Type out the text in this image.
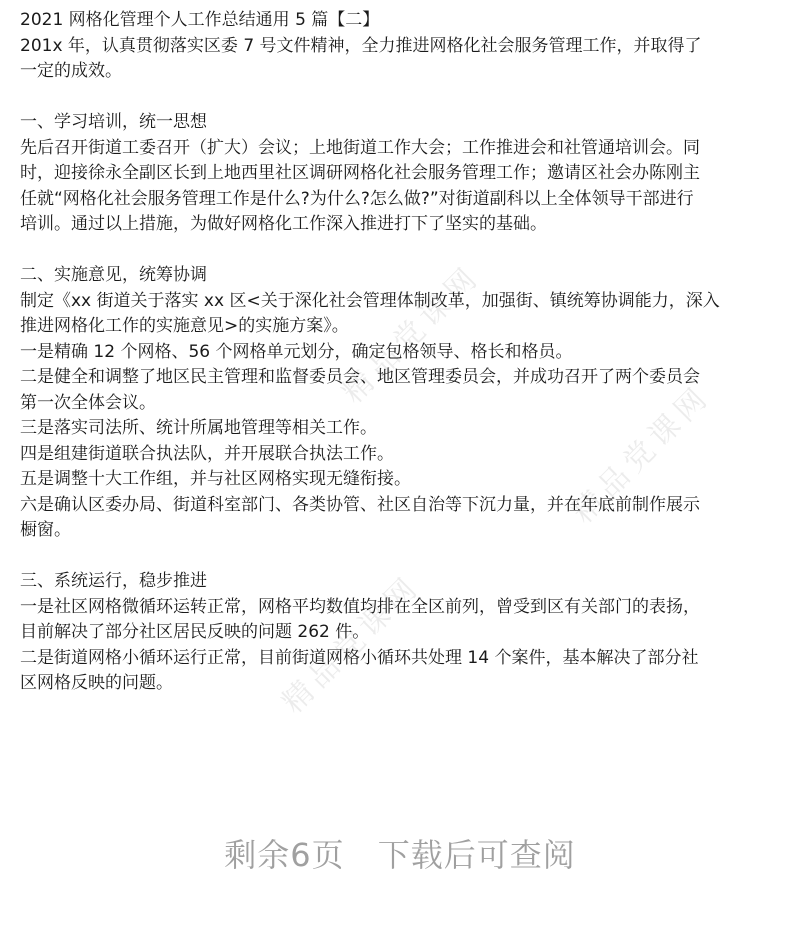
精品党课网
精品党课网
精品党课网

2021 网格化管理个人工作总结通用 5 篇【二】

201x 年，认真贯彻落实区委 7 号文件精神，全力推进网格化社会服务管理工作，并取得了

一定的成效。

一、学习培训，统一思想

先后召开街道工委召开（扩大）会议；上地街道工作大会；工作推进会和社管通培训会。同

时，迎接徐永全副区长到上地西里社区调研网格化社会服务管理工作；邀请区社会办陈刚主

任就“网格化社会服务管理工作是什么?为什么?怎么做?”对街道副科以上全体领导干部进行

培训。通过以上措施，为做好网格化工作深入推进打下了坚实的基础。

二、实施意见，统筹协调

制定《xx 街道关于落实 xx 区<关于深化社会管理体制改革，加强街、镇统筹协调能力，深入

推进网格化工作的实施意见>的实施方案》。

一是精确 12 个网格、56 个网格单元划分，确定包格领导、格长和格员。

二是健全和调整了地区民主管理和监督委员会、地区管理委员会，并成功召开了两个委员会

第一次全体会议。

三是落实司法所、统计所属地管理等相关工作。

四是组建街道联合执法队，并开展联合执法工作。

五是调整十大工作组，并与社区网格实现无缝衔接。

六是确认区委办局、街道科室部门、各类协管、社区自治等下沉力量，并在年底前制作展示

橱窗。

三、系统运行，稳步推进

一是社区网格微循环运转正常，网格平均数值均排在全区前列，曾受到区有关部门的表扬，

目前解决了部分社区居民反映的问题 262 件。

二是街道网格小循环运行正常，目前街道网格小循环共处理 14 个案件，基本解决了部分社

区网格反映的问题。

剩余6页 下载后可查阅
